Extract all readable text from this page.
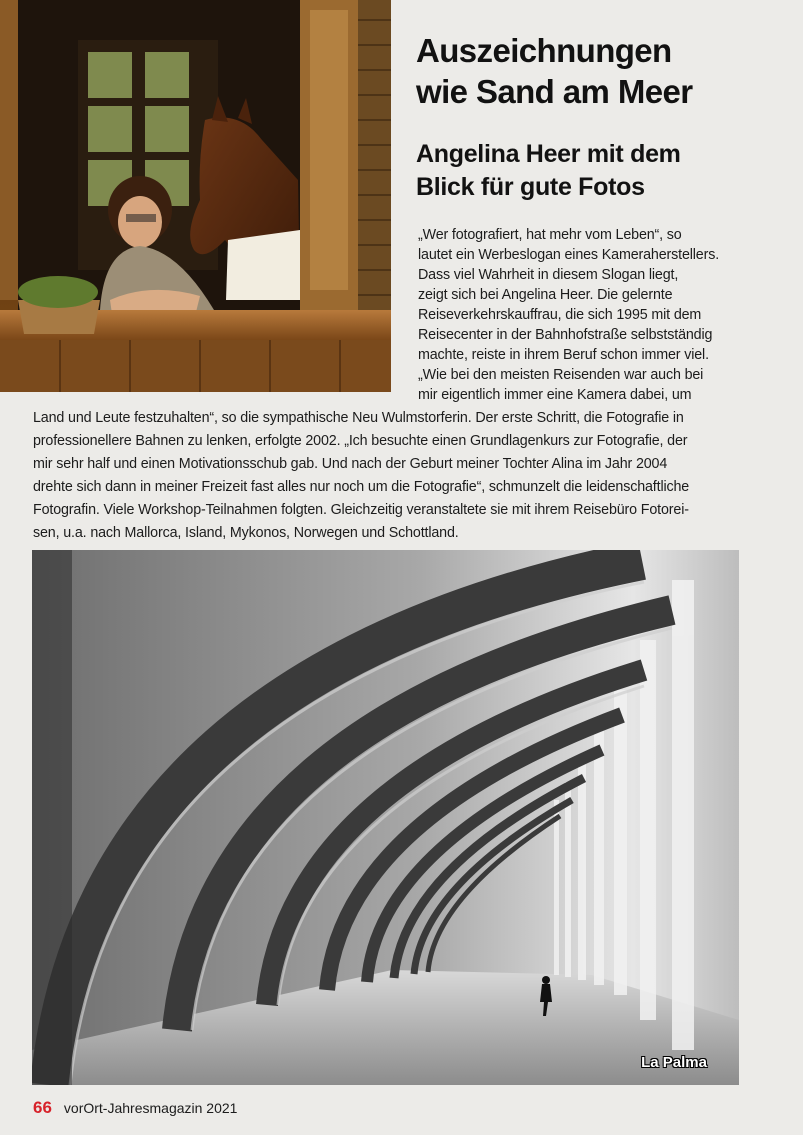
Auszeichnungen
wie Sand am Meer
Angelina Heer mit dem
Blick für gute Fotos
„Wer fotografiert, hat mehr vom Leben“, so
lautet ein Werbeslogan eines Kameraherstellers.
Dass viel Wahrheit in diesem Slogan liegt,
zeigt sich bei Angelina Heer. Die gelernte
Reiseverkehrskauffrau, die sich 1995 mit dem
Reisecenter in der Bahnhofstraße selbstständig
machte, reiste in ihrem Beruf schon immer viel.
„Wie bei den meisten Reisenden war auch bei
mir eigentlich immer eine Kamera dabei, um
Land und Leute festzuhalten“, so die sympathische Neu Wulmstorferin. Der erste Schritt, die Fotografie in
professionellere Bahnen zu lenken, erfolgte 2002. „Ich besuchte einen Grundlagenkurs zur Fotografie, der
mir sehr half und einen Motivationsschub gab. Und nach der Geburt meiner Tochter Alina im Jahr 2004
drehte sich dann in meiner Freizeit fast alles nur noch um die Fotografie“, schmunzelt die leidenschaftliche
Fotografin. Viele Workshop-Teilnahmen folgten. Gleichzeitig veranstaltete sie mit ihrem Reisebüro Fotorei-
sen, u.a. nach Mallorca, Island, Mykonos, Norwegen und Schottland.
La Palma
66 vorOrt-Jahresmagazin 2021
